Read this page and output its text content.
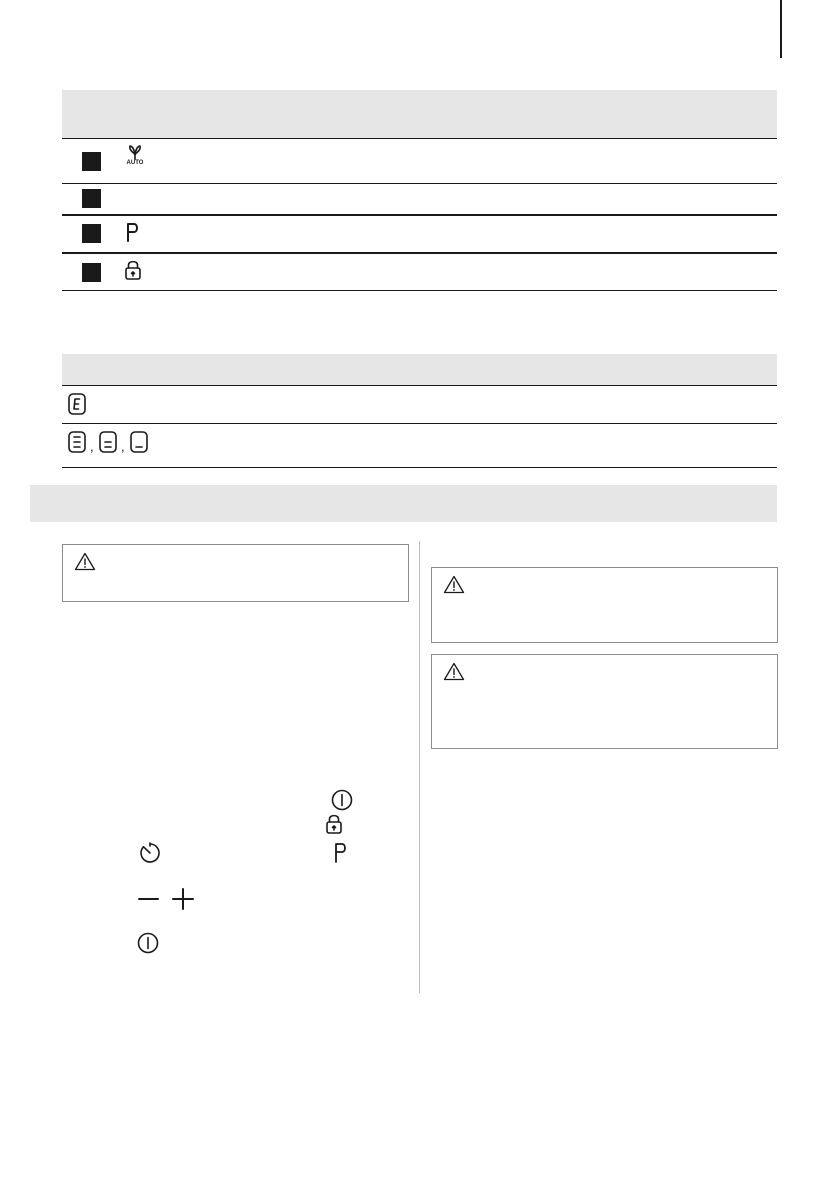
AUTO
, ,
